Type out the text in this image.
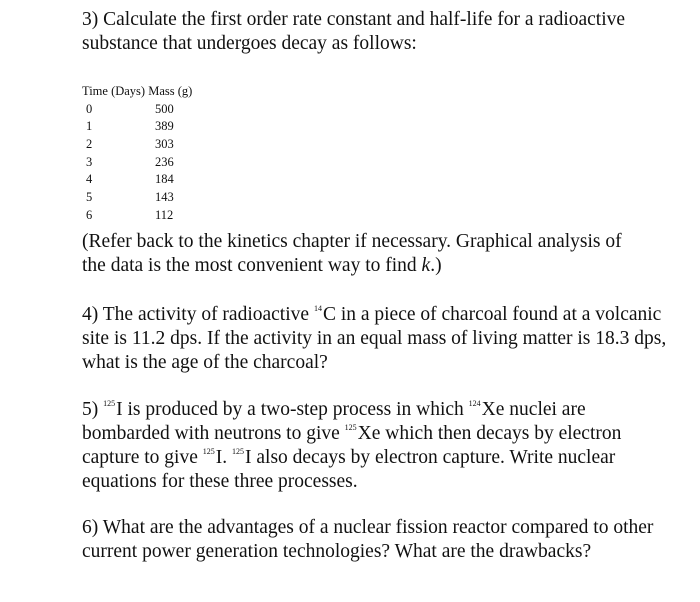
3) Calculate the first order rate constant and half-life for a radioactive substance that undergoes decay as follows:
Time (Days) Mass (g)
0	500
1	389
2	303
3	236
4	184
5	143
6	112
(Refer back to the kinetics chapter if necessary. Graphical analysis of the data is the most convenient way to find k.)
4) The activity of radioactive $^{14}$C in a piece of charcoal found at a volcanic site is 11.2 dps. If the activity in an equal mass of living matter is 18.3 dps, what is the age of the charcoal?
5) $^{125}$I is produced by a two-step process in which $^{124}$Xe nuclei are bombarded with neutrons to give $^{125}$Xe which then decays by electron capture to give $^{125}$I. $^{125}$I also decays by electron capture. Write nuclear equations for these three processes.
6) What are the advantages of a nuclear fission reactor compared to other current power generation technologies? What are the drawbacks?
